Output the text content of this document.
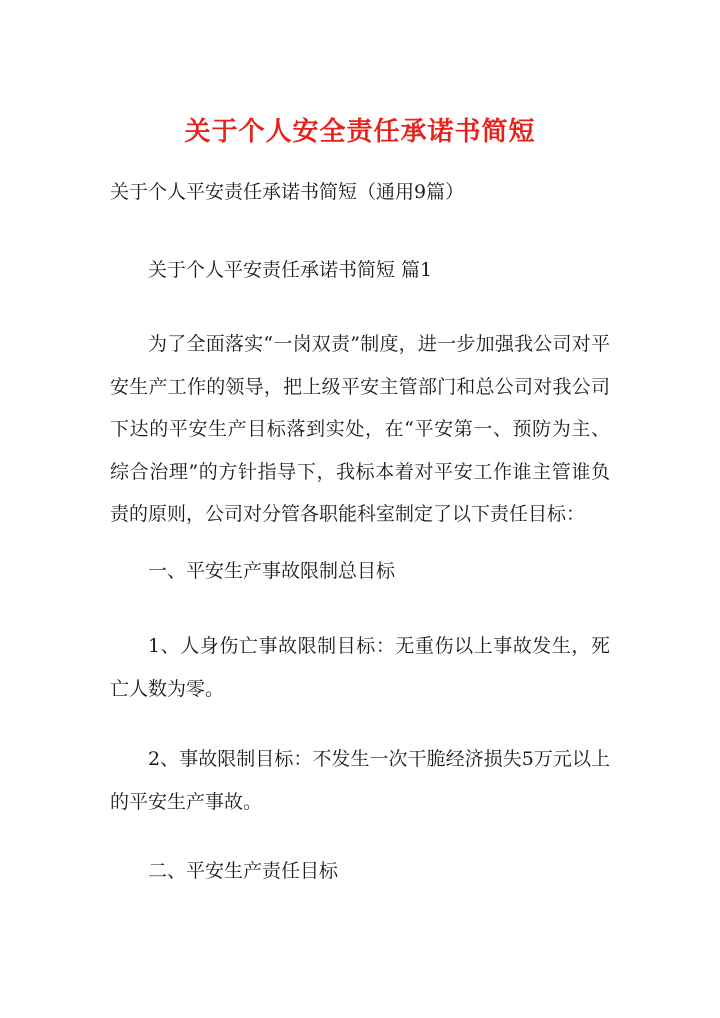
关于个人安全责任承诺书简短
关于个人平安责任承诺书简短（通用9篇）
关于个人平安责任承诺书简短 篇1
为了全面落实“一岗双责”制度，进一步加强我公司对平安生产工作的领导，把上级平安主管部门和总公司对我公司下达的平安生产目标落到实处，在“平安第一、预防为主、综合治理”的方针指导下，我标本着对平安工作谁主管谁负责的原则，公司对分管各职能科室制定了以下责任目标：
一、平安生产事故限制总目标
1、人身伤亡事故限制目标：无重伤以上事故发生，死亡人数为零。
2、事故限制目标：不发生一次干脆经济损失5万元以上的平安生产事故。
二、平安生产责任目标
